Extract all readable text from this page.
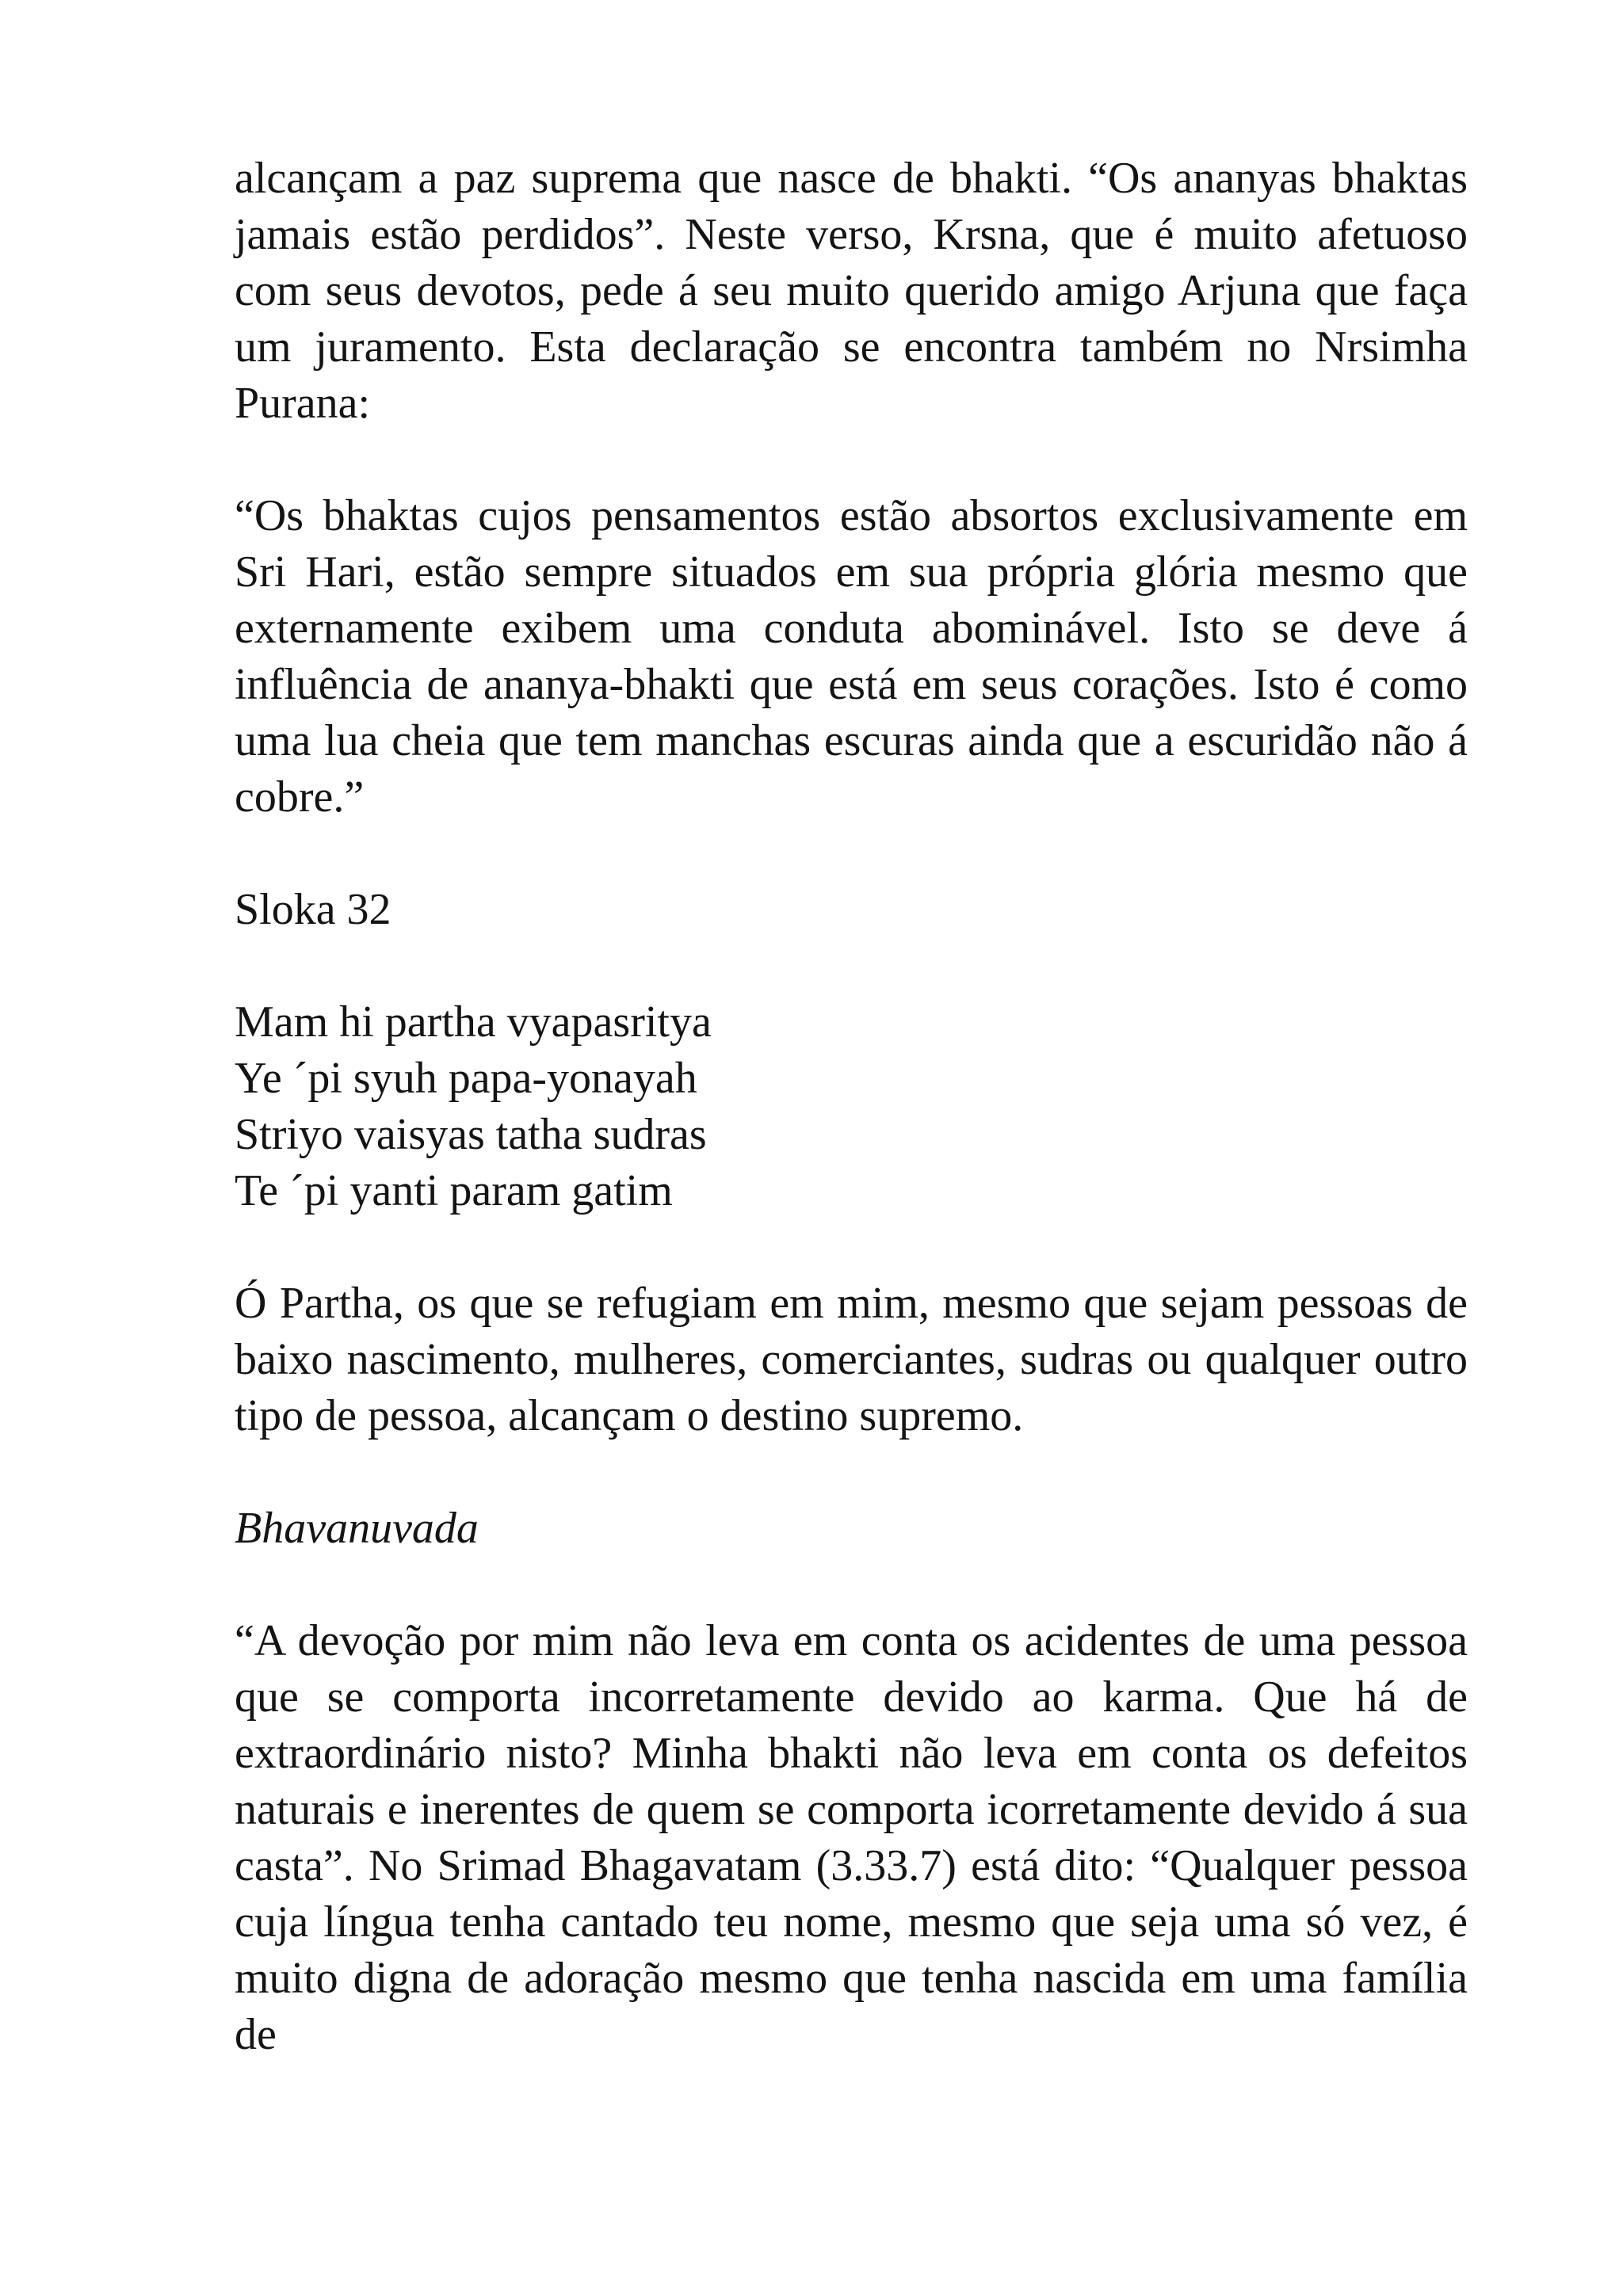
alcançam a paz suprema que nasce de bhakti. “Os ananyas bhaktas jamais estão perdidos”. Neste verso, Krsna, que é muito afetuoso com seus devotos, pede á seu muito querido amigo Arjuna que faça um juramento. Esta declaração se encontra também no Nrsimha Purana:

“Os bhaktas cujos pensamentos estão absortos exclusivamente em Sri Hari, estão sempre situados em sua própria glória mesmo que externamente exibem uma conduta abominável. Isto se deve á influência de ananya-bhakti que está em seus corações. Isto é como uma lua cheia que tem manchas escuras ainda que a escuridão não á cobre.”

Sloka 32

Mam hi partha vyapasritya
Ye ´pi syuh papa-yonayah
Striyo vaisyas tatha sudras
Te ´pi yanti param gatim

Ó Partha, os que se refugiam em mim, mesmo que sejam pessoas de baixo nascimento, mulheres, comerciantes, sudras ou qualquer outro tipo de pessoa, alcançam o destino supremo.

Bhavanuvada

“A devoção por mim não leva em conta os acidentes de uma pessoa que se comporta incorretamente devido ao karma. Que há de extraordinário nisto? Minha bhakti não leva em conta os defeitos naturais e inerentes de quem se comporta icorretamente devido á sua casta”. No Srimad Bhagavatam (3.33.7) está dito: “Qualquer pessoa cuja língua tenha cantado teu nome, mesmo que seja uma só vez, é muito digna de adoração mesmo que tenha nascida em uma família de
